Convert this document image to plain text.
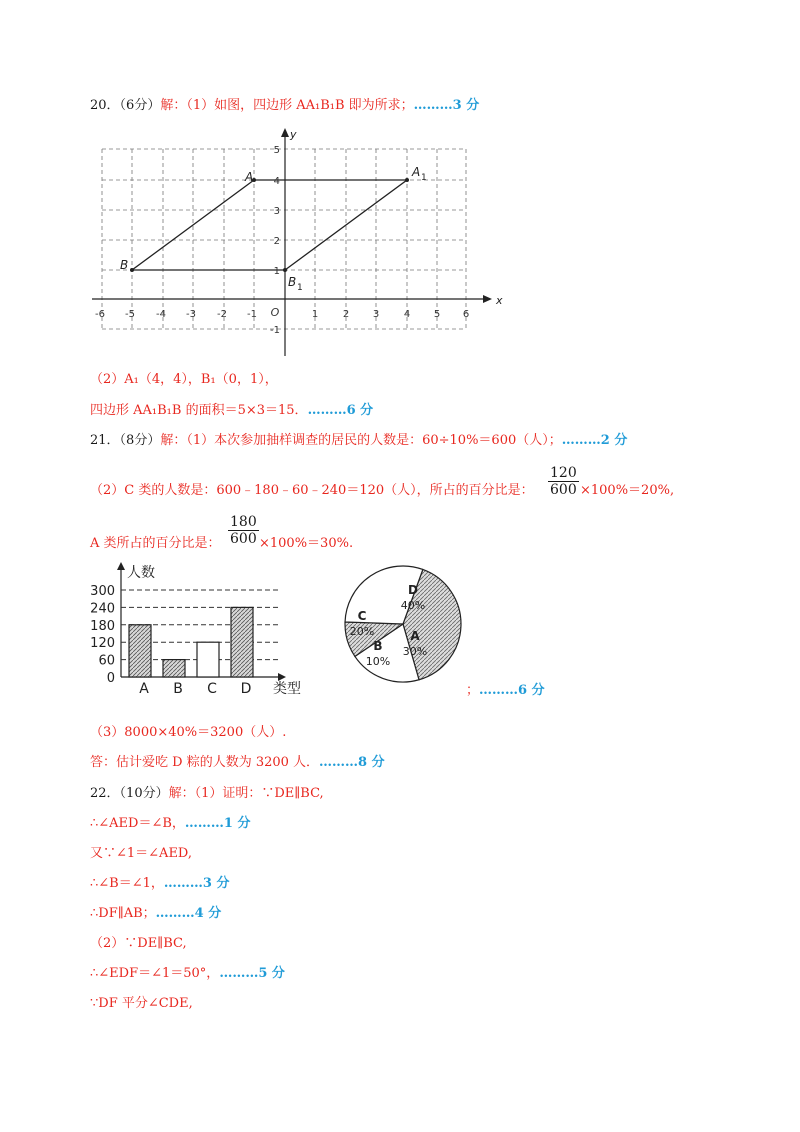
20．（6分）解：（1）如图，四边形 AA₁B₁B 即为所求；………3 分
-6 -5 -4 -3 -2 -1	1 2 3 4 5 6
5
4
3
2
1
-1
O
x
y
A	A 1
B
B 1
（2）A₁（4，4），B₁（0，1），
四边形 AA₁B₁B 的面积＝5×3＝15．………6 分
21．（8分）解：（1）本次参加抽样调查的居民的人数是：60÷10%＝600（人）；………2 分
（2）C 类的人数是：600﹣180﹣60﹣240＝120（人），所占的百分比是： $\frac{120}{600} \times 100\%=20\%$,
A 类所占的百分比是： $\frac{180}{600} \times 100\%=30\%$.
人数
类型
0
60
120
180
240
300
A B C D
D
40%
C
20%
B
10%
A
30%
；………6 分
（3）8000×40%＝3200（人）.
答：估计爱吃 D 粽的人数为 3200 人．………8 分
22．（10分）解：（1）证明：∵DE∥BC,
∴∠AED＝∠B，………1 分
又∵∠1＝∠AED,
∴∠B＝∠1，………3 分
∴DF∥AB；………4 分
（2）∵DE∥BC,
∴∠EDF＝∠1＝50°，………5 分
∵DF 平分∠CDE,
